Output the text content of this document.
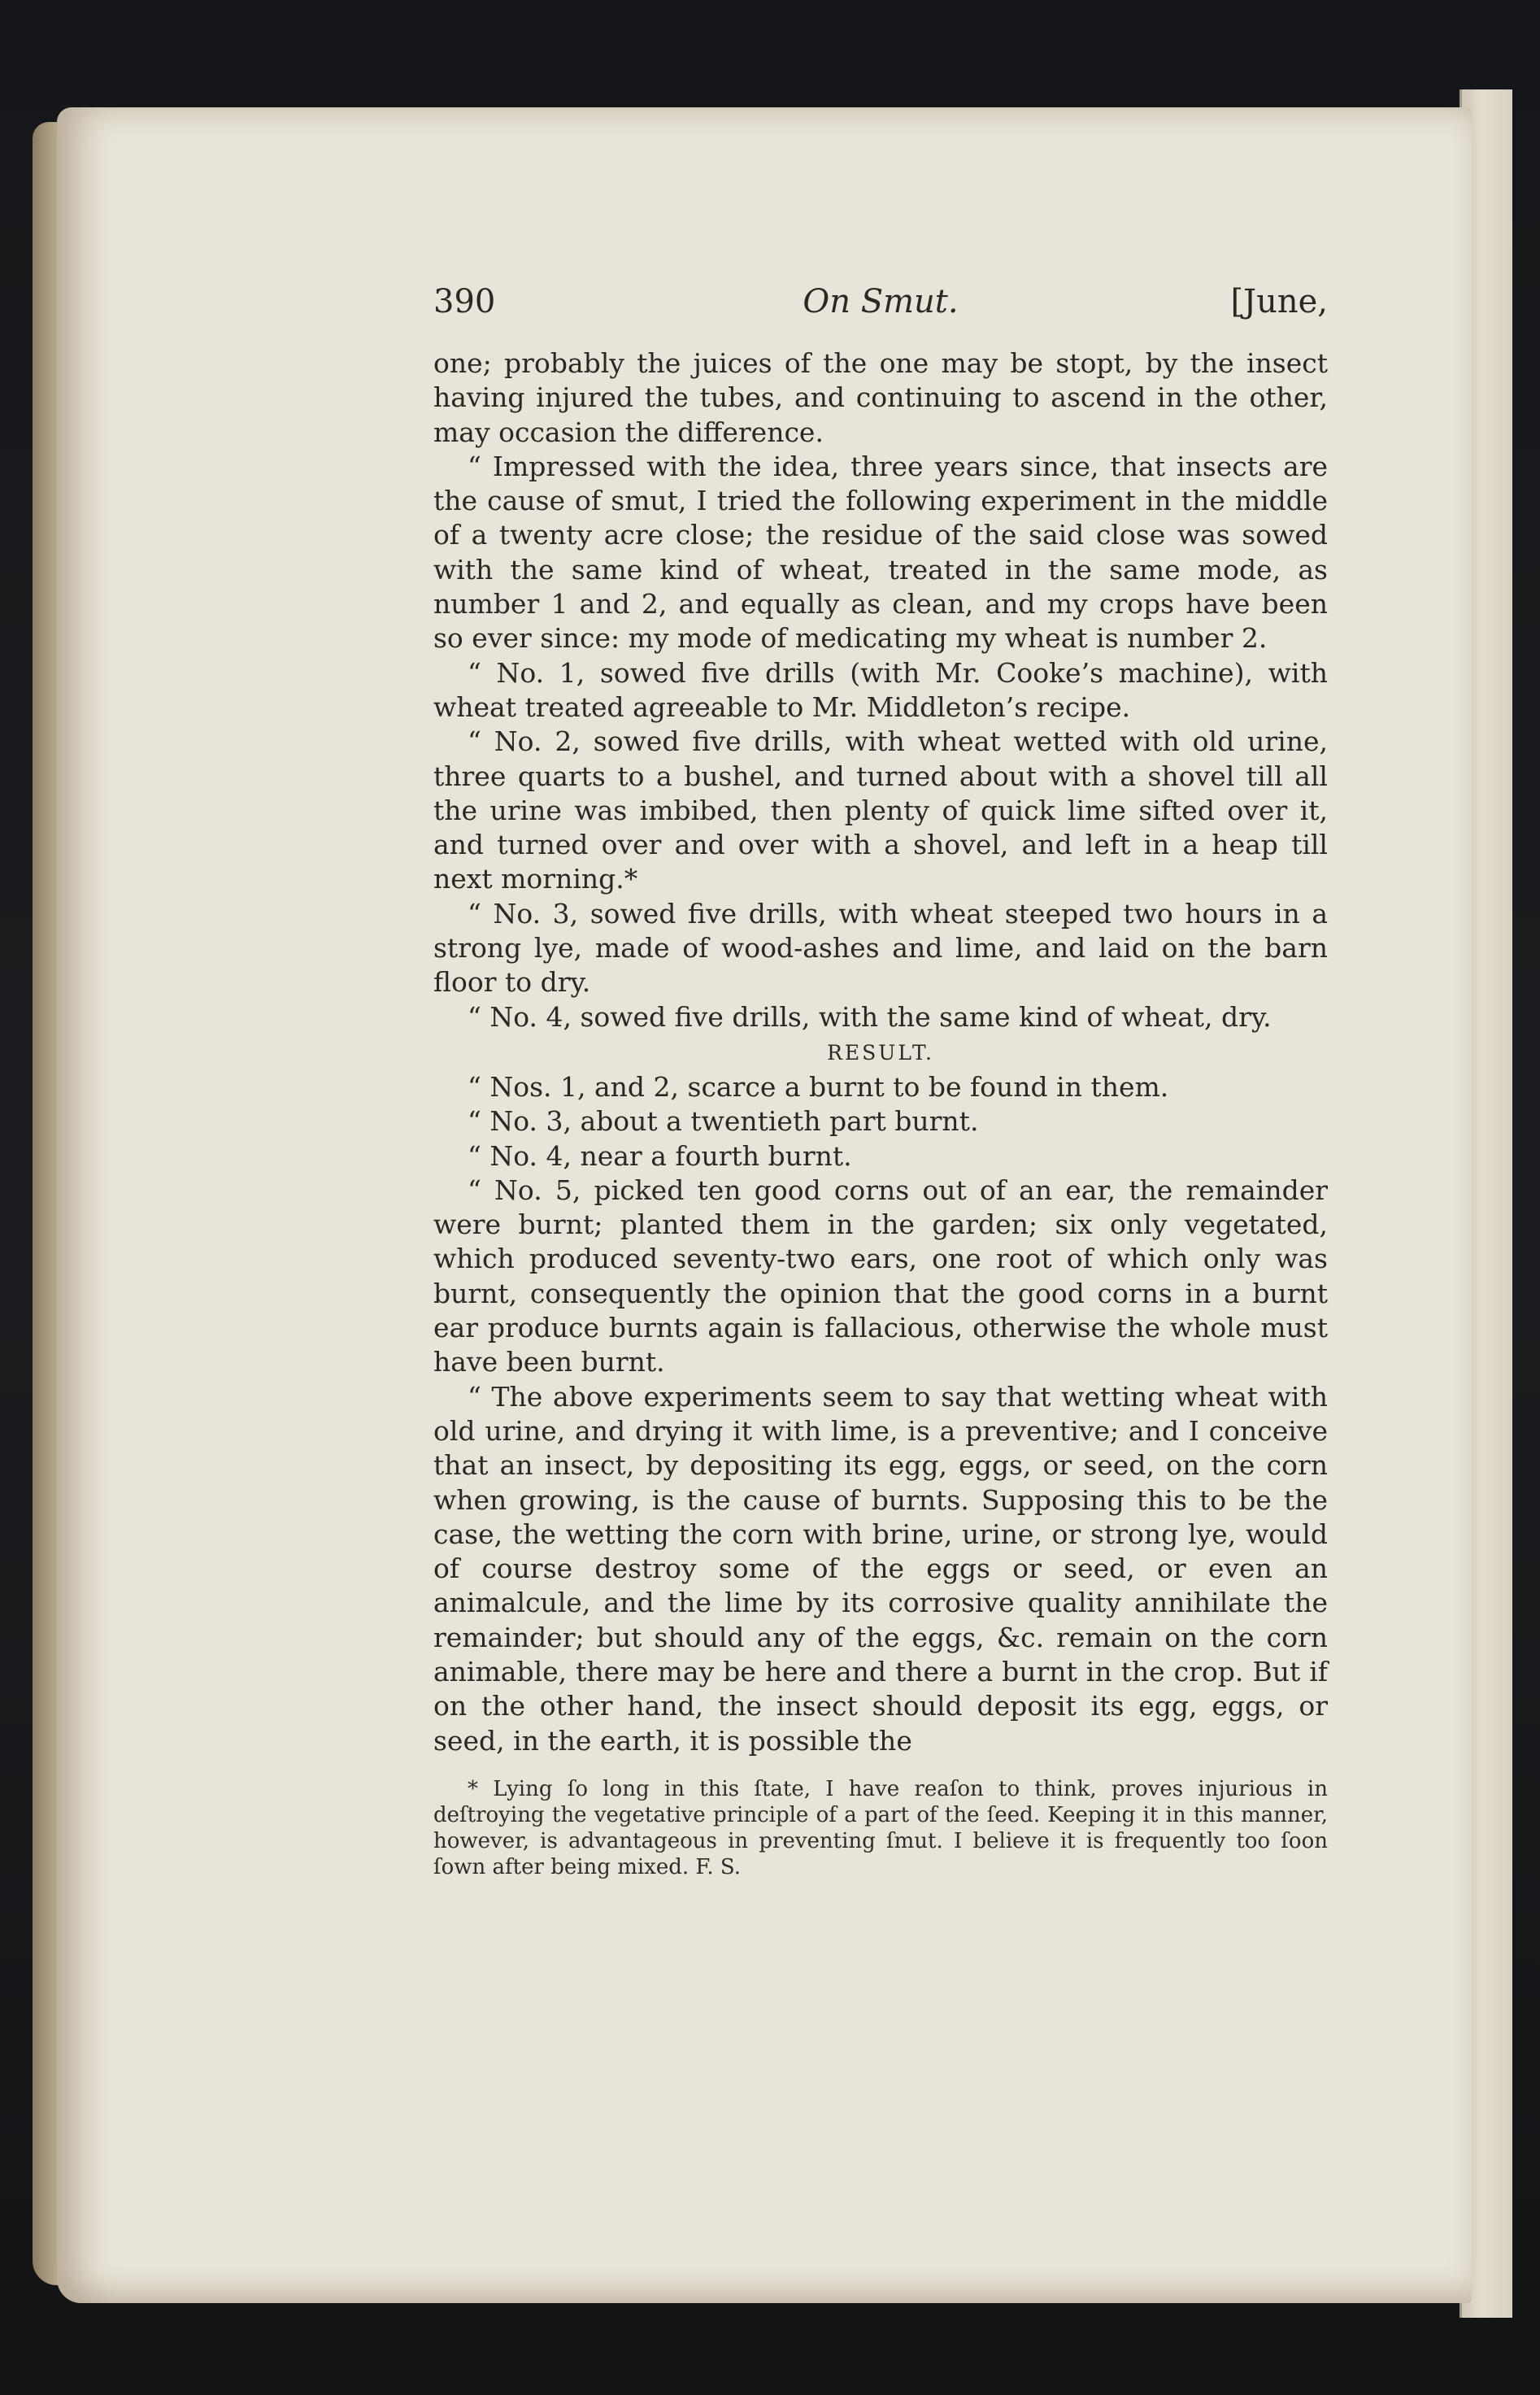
390	On Smut.	[June,

one; probably the juices of the one may be stopt, by the insect having injured the tubes, and continuing to ascend in the other, may occasion the difference.

“ Impressed with the idea, three years since, that insects are the cause of smut, I tried the following experiment in the middle of a twenty acre close; the residue of the said close was sowed with the same kind of wheat, treated in the same mode, as number 1 and 2, and equally as clean, and my crops have been so ever since: my mode of medicating my wheat is number 2.

“ No. 1, sowed five drills (with Mr. Cooke’s machine), with wheat treated agreeable to Mr. Middleton’s recipe.

“ No. 2, sowed five drills, with wheat wetted with old urine, three quarts to a bushel, and turned about with a shovel till all the urine was imbibed, then plenty of quick lime sifted over it, and turned over and over with a shovel, and left in a heap till next morning.*

“ No. 3, sowed five drills, with wheat steeped two hours in a strong lye, made of wood-ashes and lime, and laid on the barn floor to dry.

“ No. 4, sowed five drills, with the same kind of wheat, dry.

RESULT.

“ Nos. 1, and 2, scarce a burnt to be found in them.

“ No. 3, about a twentieth part burnt.

“ No. 4, near a fourth burnt.

“ No. 5, picked ten good corns out of an ear, the remainder were burnt; planted them in the garden; six only vegetated, which produced seventy-two ears, one root of which only was burnt, consequently the opinion that the good corns in a burnt ear produce burnts again is fallacious, otherwise the whole must have been burnt.

“ The above experiments seem to say that wetting wheat with old urine, and drying it with lime, is a preventive; and I conceive that an insect, by depositing its egg, eggs, or seed, on the corn when growing, is the cause of burnts. Supposing this to be the case, the wetting the corn with brine, urine, or strong lye, would of course destroy some of the eggs or seed, or even an animalcule, and the lime by its corrosive quality annihilate the remainder; but should any of the eggs, &c. remain on the corn animable, there may be here and there a burnt in the crop. But if on the other hand, the insect should deposit its egg, eggs, or seed, in the earth, it is possible the

* Lying ſo long in this ſtate, I have reaſon to think, proves injurious in deſtroying the vegetative principle of a part of the ſeed. Keeping it in this manner, however, is advantageous in preventing ſmut. I believe it is frequently too ſoon ſown after being mixed. F. S.
